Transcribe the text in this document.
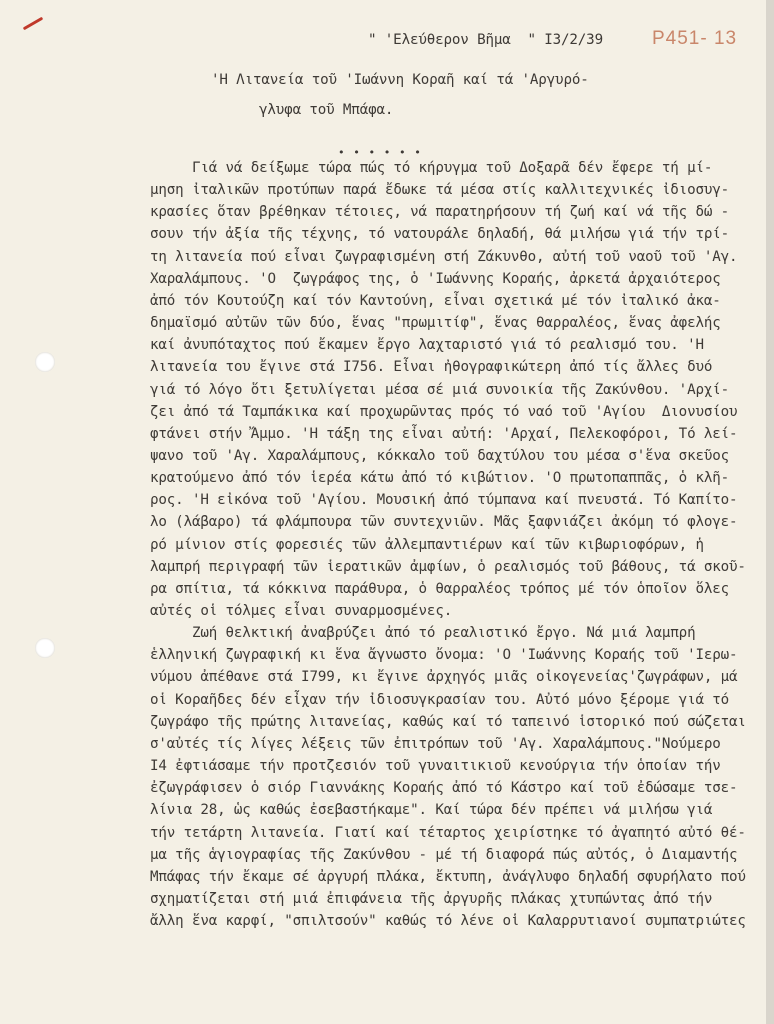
" 'Ελεύθερον Βῆμα  " Ι3/2/39	Ρ451- 13
'Η Λιτανεία τοῦ 'Ιωάννη Κοραῆ καί τά 'Αργυρό-
γλυφα τοῦ Μπάφα.
• • • • • •
Γιά νά δείξωμε τώρα πώς τό κήρυγμα τοῦ Δοξαρᾶ δέν ἔφερε τή μί-
μηση ἰταλικῶν προτύπων παρά ἔδωκε τά μέσα στίς καλλιτεχνικές ἰδιοσυγ-
κρασίες ὅταν βρέθηκαν τέτοιες, νά παρατηρήσουν τή ζωή καί νά τῆς δώ -
σουν τήν ἀξία τῆς τέχνης, τό νατουράλε δηλαδή, θά μιλήσω γιά τήν τρί-
τη λιτανεία πού εἶναι ζωγραφισμένη στή Ζάκυνθο, αὐτή τοῦ ναοῦ τοῦ 'Αγ.
Χαραλάμπους. 'Ο  ζωγράφος της, ὁ 'Ιωάννης Κοραής, ἀρκετά ἀρχαιότερος
ἀπό τόν Κουτούζη καί τόν Καντούνη, εἶναι σχετικά μέ τόν ἰταλικό ἀκα-
δημαϊσμό αὐτῶν τῶν δύο, ἕνας "πρωμιτίφ", ἕνας θαρραλέος, ἕνας ἀφελής
καί ἀνυπόταχτος πού ἔκαμεν ἔργο λαχταριστό γιά τό ρεαλισμό του. 'Η
λιτανεία του ἔγινε στά Ι756. Εἶναι ἠθογραφικώτερη ἀπό τίς ἄλλες δυό
γιά τό λόγο ὅτι ξετυλίγεται μέσα σέ μιά συνοικία τῆς Ζακύνθου. 'Αρχί-
ζει ἀπό τά Ταμπάκικα καί προχωρῶντας πρός τό ναό τοῦ 'Αγίου  Διονυσίου
φτάνει στήν Ἄμμο. 'Η τάξη της εἶναι αὐτή: 'Αρχαί, Πελεκοφόροι, Τό λεί-
ψανο τοῦ 'Αγ. Χαραλάμπους, κόκκαλο τοῦ δαχτύλου του μέσα σ'ἕνα σκεῦος
κρατούμενο ἀπό τόν ἱερέα κάτω ἀπό τό κιβώτιον. 'Ο πρωτοπαππᾶς, ὁ κλῆ-
ρος. 'Η εἰκόνα τοῦ 'Αγίου. Μουσική ἀπό τύμπανα καί πνευστά. Τό Καπίτο-
λο (λάβαρο) τά φλάμπουρα τῶν συντεχνιῶν. Μᾶς ξαφνιάζει ἀκόμη τό φλογε-
ρό μίνιον στίς φορεσιές τῶν ἀλλεμπαντιέρων καί τῶν κιβωριοφόρων, ἡ
λαμπρή περιγραφή τῶν ἱερατικῶν ἀμφίων, ὁ ρεαλισμός τοῦ βάθους, τά σκοῦ-
ρα σπίτια, τά κόκκινα παράθυρα, ὁ θαρραλέος τρόπος μέ τόν ὁποῖον ὅλες
αὐτές οἱ τόλμες εἶναι συναρμοσμένες.
Ζωή θελκτική ἀναβρύζει ἀπό τό ρεαλιστικό ἔργο. Νά μιά λαμπρή
ἑλληνική ζωγραφική κι ἕνα ἄγνωστο ὄνομα: 'Ο 'Ιωάννης Κοραής τοῦ 'Ιερω-
νύμου ἀπέθανε στά Ι799, κι ἔγινε ἀρχηγός μιᾶς οἰκογενείας'ζωγράφων, μά
οἱ Κοραῆδες δέν εἶχαν τήν ἰδιοσυγκρασίαν του. Αὐτό μόνο ξέρομε γιά τό
ζωγράφο τῆς πρώτης λιτανείας, καθώς καί τό ταπεινό ἱστορικό πού σώζεται
σ'αὐτές τίς λίγες λέξεις τῶν ἐπιτρόπων τοῦ 'Αγ. Χαραλάμπους."Νούμερο
Ι4 ἐφτιάσαμε τήν προτζεσιόν τοῦ γυναιτικιοῦ κενούργια τήν ὁποίαν τήν
ἐζωγράφισεν ὁ σιόρ Γιαννάκης Κοραής ἀπό τό Κάστρο καί τοῦ ἐδώσαμε τσε-
λίνια 28, ὡς καθώς ἐσεβαστήκαμε". Καί τώρα δέν πρέπει νά μιλήσω γιά
τήν τετάρτη λιτανεία. Γιατί καί τέταρτος χειρίστηκε τό ἀγαπητό αὐτό θέ-
μα τῆς ἁγιογραφίας τῆς Ζακύνθου - μέ τή διαφορά πώς αὐτός, ὁ Διαμαντής
Μπάφας τήν ἔκαμε σέ ἀργυρή πλάκα, ἔκτυπη, ἀνάγλυφο δηλαδή σφυρήλατο πού
σχηματίζεται στή μιά ἐπιφάνεια τῆς ἀργυρῆς πλάκας χτυπώντας ἀπό τήν
ἄλλη ἕνα καρφί, "σπιλτσούν" καθώς τό λένε οἱ Καλαρρυτιανοί συμπατριώτες
